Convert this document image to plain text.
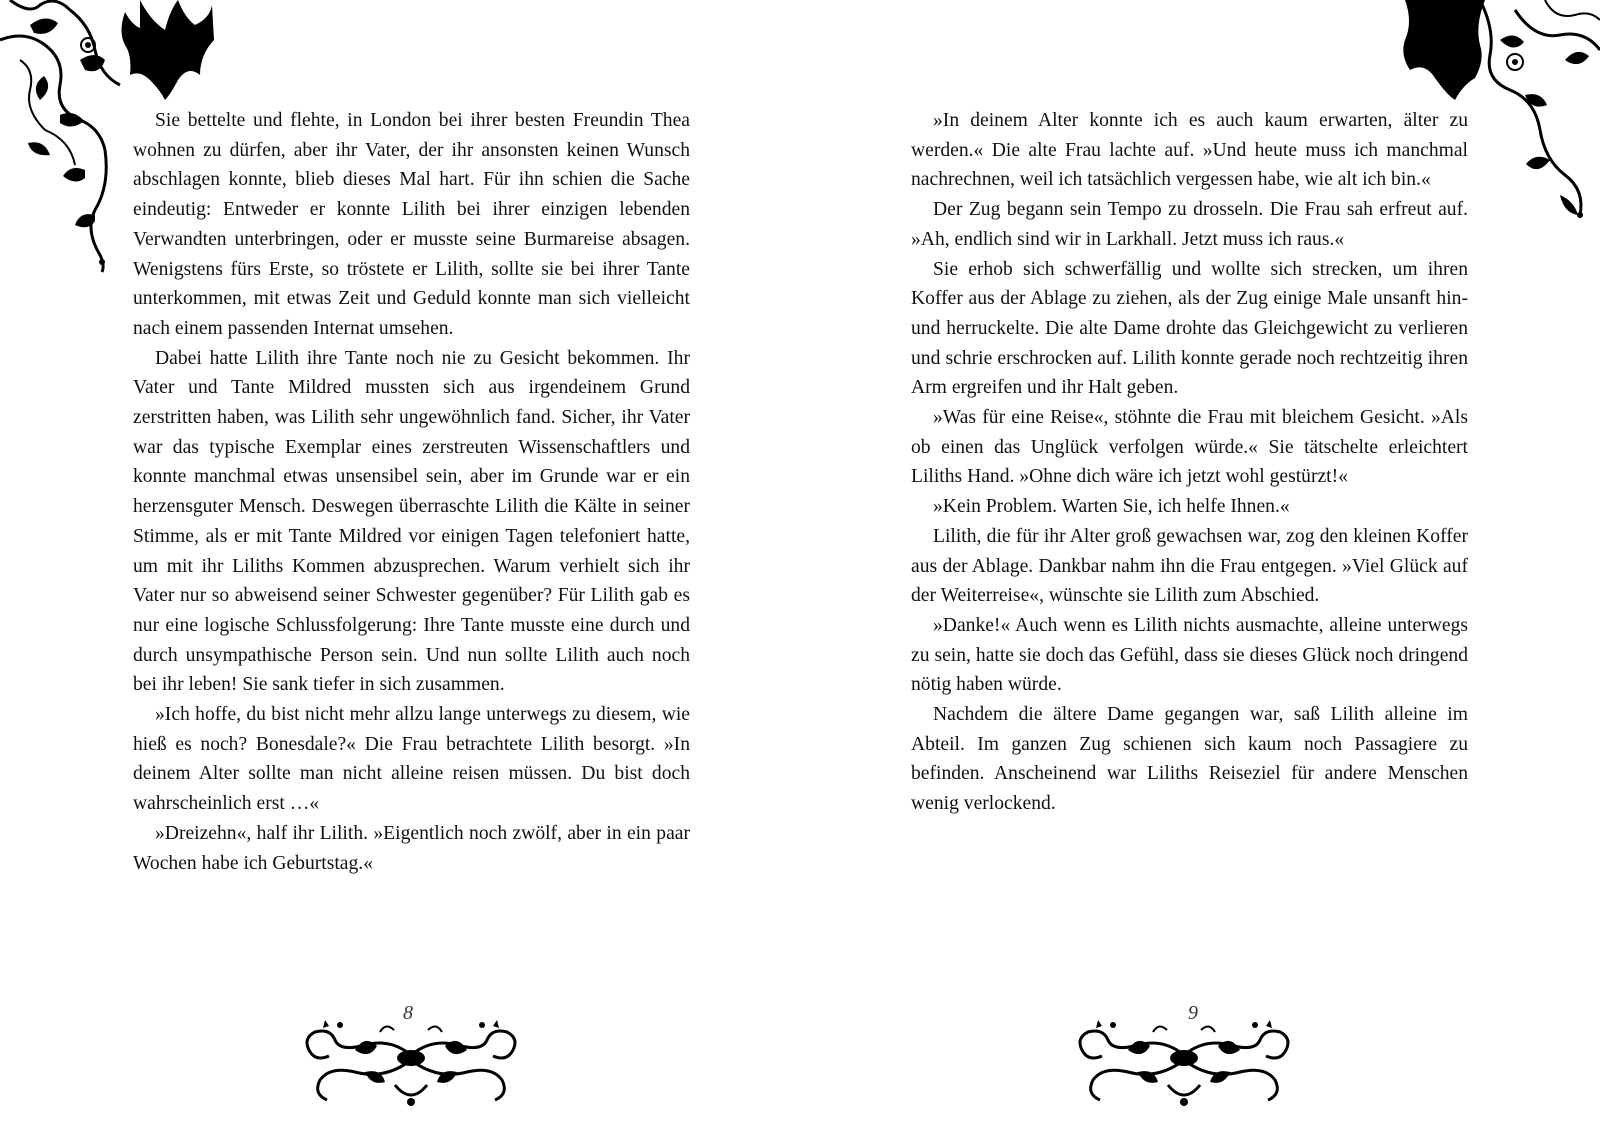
Sie bettelte und flehte, in London bei ihrer besten Freundin Thea wohnen zu dürfen, aber ihr Vater, der ihr ansonsten keinen Wunsch abschlagen konnte, blieb dieses Mal hart. Für ihn schien die Sache eindeutig: Entweder er konnte Lilith bei ihrer einzigen lebenden Verwandten unterbringen, oder er musste seine Burmareise absagen. Wenigstens fürs Erste, so tröstete er Lilith, sollte sie bei ihrer Tante unterkommen, mit etwas Zeit und Geduld konnte man sich vielleicht nach einem passenden Internat umsehen.

Dabei hatte Lilith ihre Tante noch nie zu Gesicht bekommen. Ihr Vater und Tante Mildred mussten sich aus irgendeinem Grund zerstritten haben, was Lilith sehr ungewöhnlich fand. Sicher, ihr Vater war das typische Exemplar eines zerstreuten Wissenschaftlers und konnte manchmal etwas unsensibel sein, aber im Grunde war er ein herzensguter Mensch. Deswegen überraschte Lilith die Kälte in seiner Stimme, als er mit Tante Mildred vor einigen Tagen telefoniert hatte, um mit ihr Liliths Kommen abzusprechen. Warum verhielt sich ihr Vater nur so abweisend seiner Schwester gegenüber? Für Lilith gab es nur eine logische Schlussfolgerung: Ihre Tante musste eine durch und durch unsympathische Person sein. Und nun sollte Lilith auch noch bei ihr leben! Sie sank tiefer in sich zusammen.

»Ich hoffe, du bist nicht mehr allzu lange unterwegs zu diesem, wie hieß es noch? Bonesdale?« Die Frau betrachtete Lilith besorgt. »In deinem Alter sollte man nicht alleine reisen müssen. Du bist doch wahrscheinlich erst …«

»Dreizehn«, half ihr Lilith. »Eigentlich noch zwölf, aber in ein paar Wochen habe ich Geburtstag.«

8

»In deinem Alter konnte ich es auch kaum erwarten, älter zu werden.« Die alte Frau lachte auf. »Und heute muss ich manchmal nachrechnen, weil ich tatsächlich vergessen habe, wie alt ich bin.«

Der Zug begann sein Tempo zu drosseln. Die Frau sah erfreut auf. »Ah, endlich sind wir in Larkhall. Jetzt muss ich raus.«

Sie erhob sich schwerfällig und wollte sich strecken, um ihren Koffer aus der Ablage zu ziehen, als der Zug einige Male unsanft hin- und herruckelte. Die alte Dame drohte das Gleichgewicht zu verlieren und schrie erschrocken auf. Lilith konnte gerade noch rechtzeitig ihren Arm ergreifen und ihr Halt geben.

»Was für eine Reise«, stöhnte die Frau mit bleichem Gesicht. »Als ob einen das Unglück verfolgen würde.« Sie tätschelte erleichtert Liliths Hand. »Ohne dich wäre ich jetzt wohl gestürzt!«

»Kein Problem. Warten Sie, ich helfe Ihnen.«

Lilith, die für ihr Alter groß gewachsen war, zog den kleinen Koffer aus der Ablage. Dankbar nahm ihn die Frau entgegen. »Viel Glück auf der Weiterreise«, wünschte sie Lilith zum Abschied.

»Danke!« Auch wenn es Lilith nichts ausmachte, alleine unterwegs zu sein, hatte sie doch das Gefühl, dass sie dieses Glück noch dringend nötig haben würde.

Nachdem die ältere Dame gegangen war, saß Lilith alleine im Abteil. Im ganzen Zug schienen sich kaum noch Passagiere zu befinden. Anscheinend war Liliths Reiseziel für andere Menschen wenig verlockend.

9
